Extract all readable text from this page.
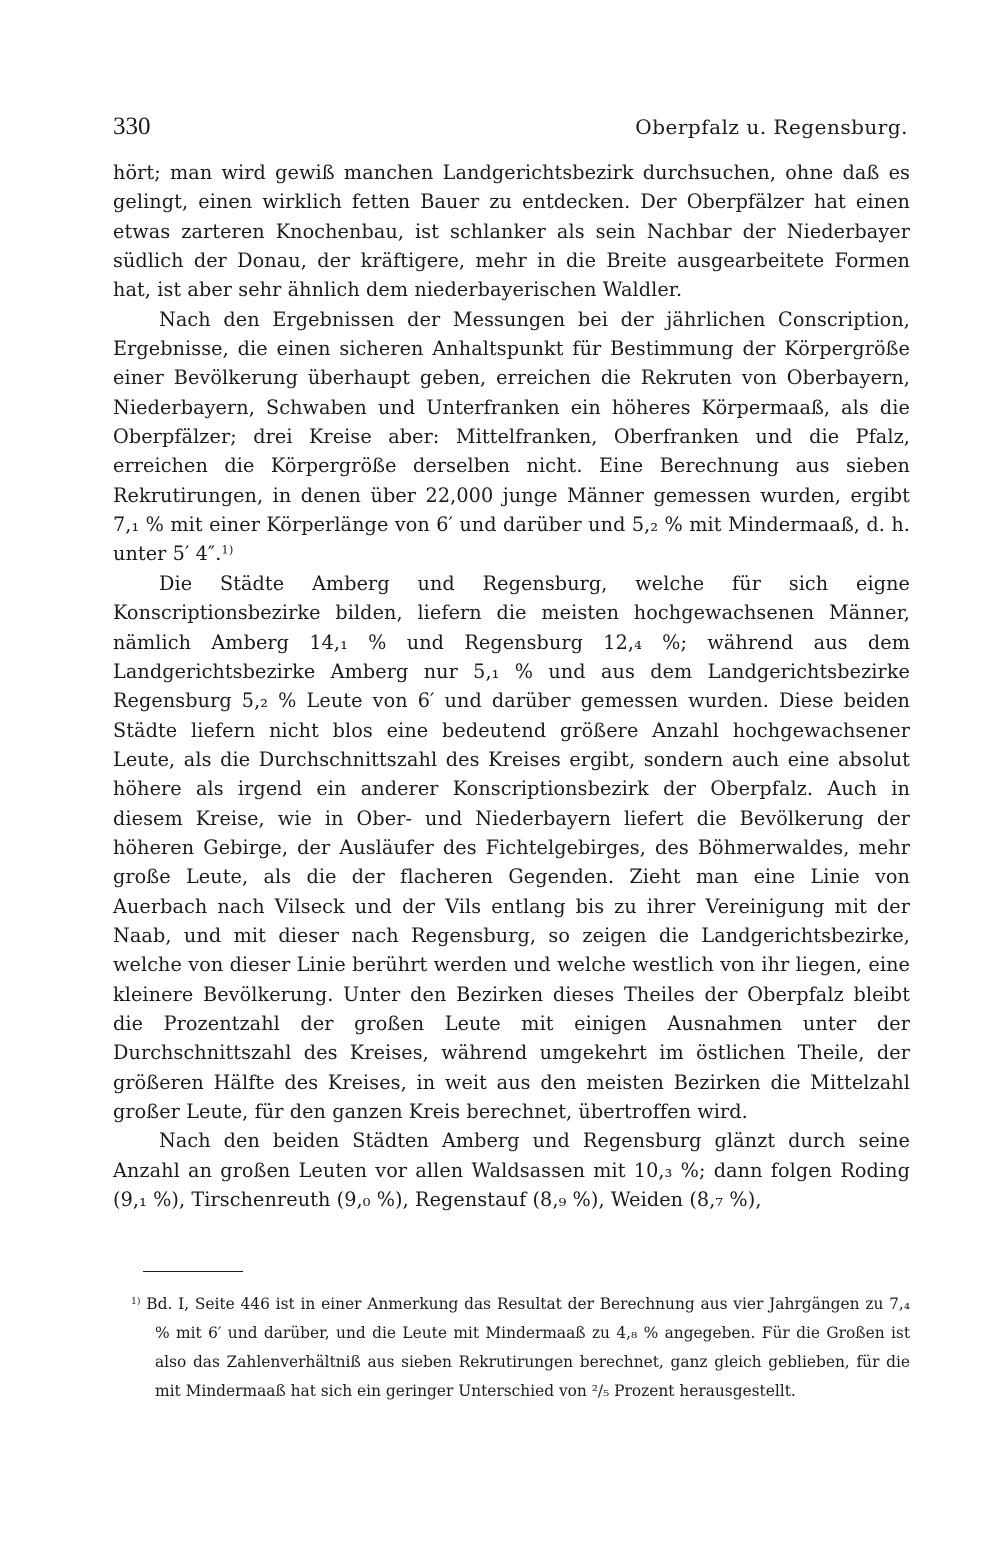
330	Oberpfalz u. Regensburg.

hört; man wird gewiß manchen Landgerichtsbezirk durchsuchen, ohne daß es gelingt, einen wirklich fetten Bauer zu entdecken. Der Oberpfälzer hat einen etwas zarteren Knochenbau, ist schlanker als sein Nachbar der Niederbayer südlich der Donau, der kräftigere, mehr in die Breite ausgearbeitete Formen hat, ist aber sehr ähnlich dem niederbayerischen Waldler.

Nach den Ergebnissen der Messungen bei der jährlichen Conscription, Ergebnisse, die einen sicheren Anhaltspunkt für Bestimmung der Körpergröße einer Bevölkerung überhaupt geben, erreichen die Rekruten von Oberbayern, Niederbayern, Schwaben und Unterfranken ein höheres Körpermaaß, als die Oberpfälzer; drei Kreise aber: Mittelfranken, Oberfranken und die Pfalz, erreichen die Körpergröße derselben nicht. Eine Berechnung aus sieben Rekrutirungen, in denen über 22,000 junge Männer gemessen wurden, ergibt 7,₁ % mit einer Körperlänge von 6′ und darüber und 5,₂ % mit Mindermaaß, d. h. unter 5′ 4″.$^{1)}$

Die Städte Amberg und Regensburg, welche für sich eigne Konscriptionsbezirke bilden, liefern die meisten hochgewachsenen Männer, nämlich Amberg 14,₁ % und Regensburg 12,₄ %; während aus dem Landgerichtsbezirke Amberg nur 5,₁ % und aus dem Landgerichtsbezirke Regensburg 5,₂ % Leute von 6′ und darüber gemessen wurden. Diese beiden Städte liefern nicht blos eine bedeutend größere Anzahl hochgewachsener Leute, als die Durchschnittszahl des Kreises ergibt, sondern auch eine absolut höhere als irgend ein anderer Konscriptionsbezirk der Oberpfalz. Auch in diesem Kreise, wie in Ober- und Niederbayern liefert die Bevölkerung der höheren Gebirge, der Ausläufer des Fichtelgebirges, des Böhmerwaldes, mehr große Leute, als die der flacheren Gegenden. Zieht man eine Linie von Auerbach nach Vilseck und der Vils entlang bis zu ihrer Vereinigung mit der Naab, und mit dieser nach Regensburg, so zeigen die Landgerichtsbezirke, welche von dieser Linie berührt werden und welche westlich von ihr liegen, eine kleinere Bevölkerung. Unter den Bezirken dieses Theiles der Oberpfalz bleibt die Prozentzahl der großen Leute mit einigen Ausnahmen unter der Durchschnittszahl des Kreises, während umgekehrt im östlichen Theile, der größeren Hälfte des Kreises, in weit aus den meisten Bezirken die Mittelzahl großer Leute, für den ganzen Kreis berechnet, übertroffen wird.

Nach den beiden Städten Amberg und Regensburg glänzt durch seine Anzahl an großen Leuten vor allen Waldsassen mit 10,₃ %; dann folgen Roding (9,₁ %), Tirschenreuth (9,₀ %), Regenstauf (8,₉ %), Weiden (8,₇ %),

$^{1)}$ Bd. I, Seite 446 ist in einer Anmerkung das Resultat der Berechnung aus vier Jahrgängen zu 7,₄ % mit 6′ und darüber, und die Leute mit Mindermaaß zu 4,₈ % angegeben. Für die Großen ist also das Zahlenverhältniß aus sieben Rekrutirungen berechnet, ganz gleich geblieben, für die mit Mindermaaß hat sich ein geringer Unterschied von ²/₅ Prozent herausgestellt.
